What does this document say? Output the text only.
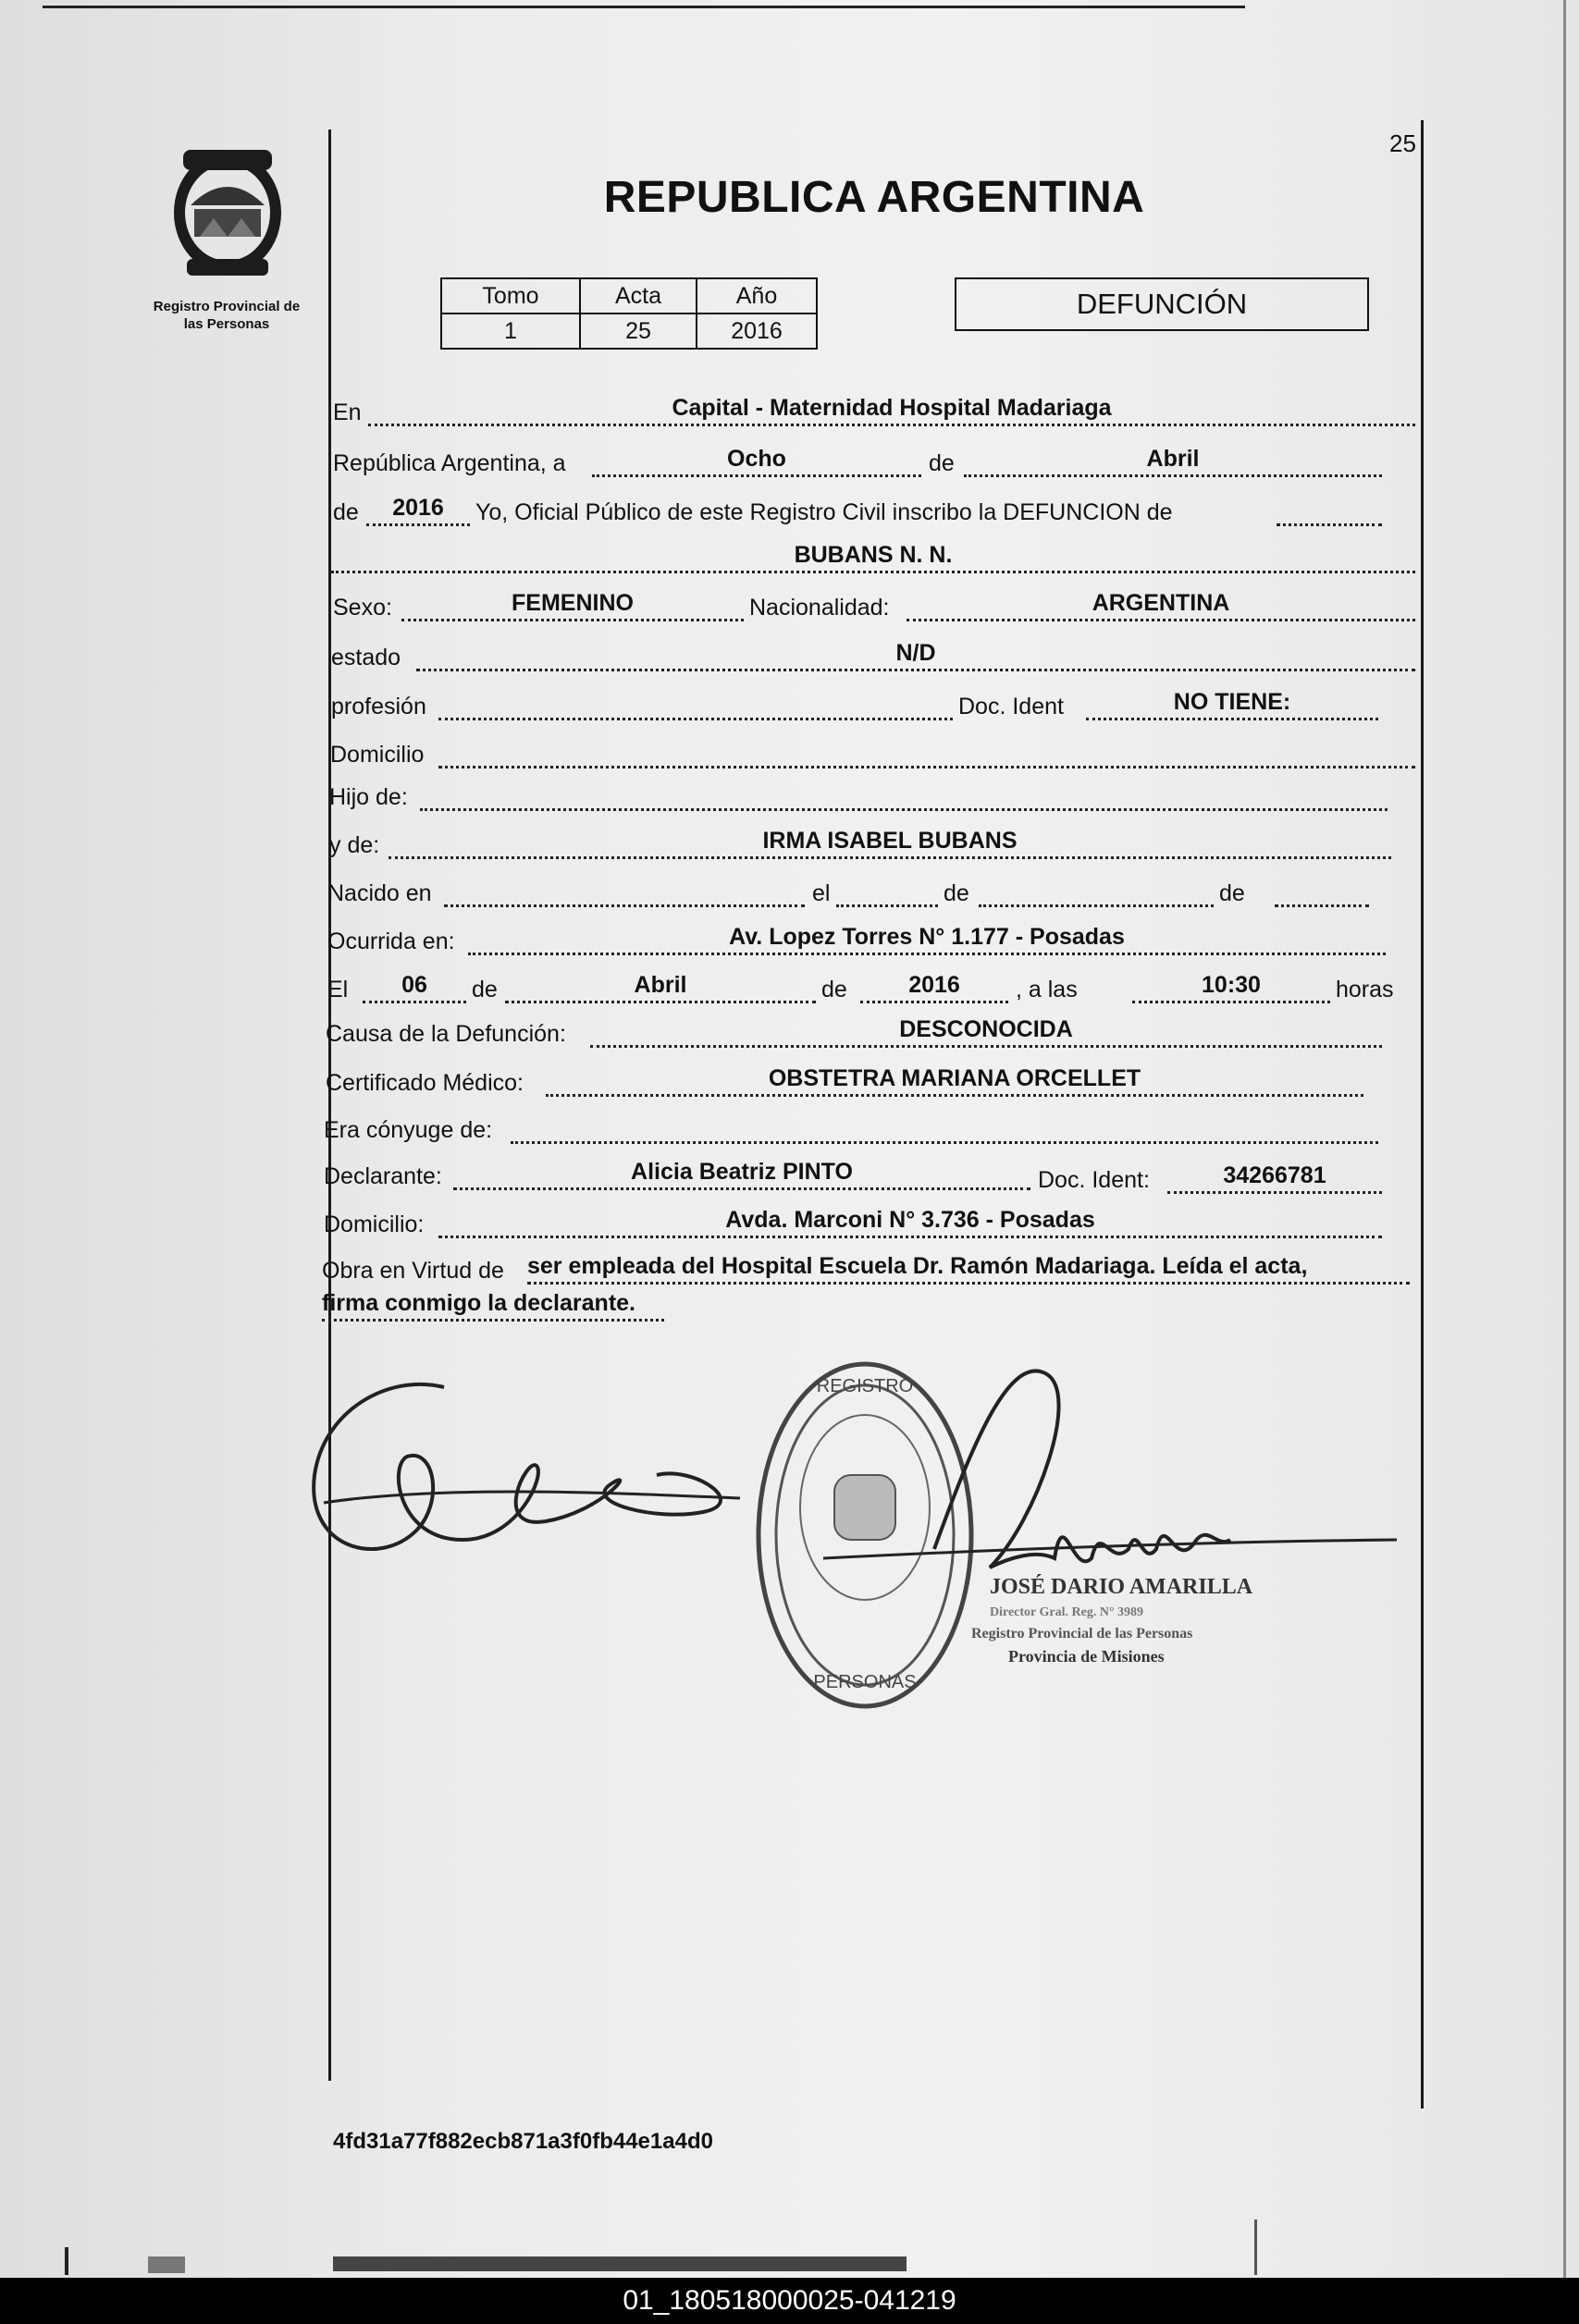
25
Registro Provincial de
las Personas
REPUBLICA ARGENTINA
Tomo	Acta	Año
1	25	2016
DEFUNCIÓN
En	Capital - Maternidad Hospital Madariaga
República Argentina, a	Ocho	de	Abril
de	2016	Yo, Oficial Público de este Registro Civil inscribo la DEFUNCION de
BUBANS N. N.
Sexo:	FEMENINO	Nacionalidad:	ARGENTINA
estado	N/D
profesión	Doc. Ident	NO TIENE:
Domicilio
Hijo de:
y de:	IRMA ISABEL BUBANS
Nacido en	el	de	de
Ocurrida en:	Av. Lopez Torres N° 1.177 - Posadas
El	06	de	Abril	de	2016	, a las	10:30	horas
Causa de la Defunción:	DESCONOCIDA
Certificado Médico:	OBSTETRA MARIANA ORCELLET
Era cónyuge de:
Declarante:	Alicia Beatriz PINTO	Doc. Ident:	34266781
Domicilio:	Avda. Marconi N° 3.736 - Posadas
Obra en Virtud de ser empleada del Hospital Escuela Dr. Ramón Madariaga. Leída el acta,
firma conmigo la declarante.
REGISTRO
PERSONAS
JOSÉ DARIO AMARILLA
Director Gral. Reg. N° 3989
Registro Provincial de las Personas
Provincia de Misiones
4fd31a77f882ecb871a3f0fb44e1a4d0
01_180518000025-041219
